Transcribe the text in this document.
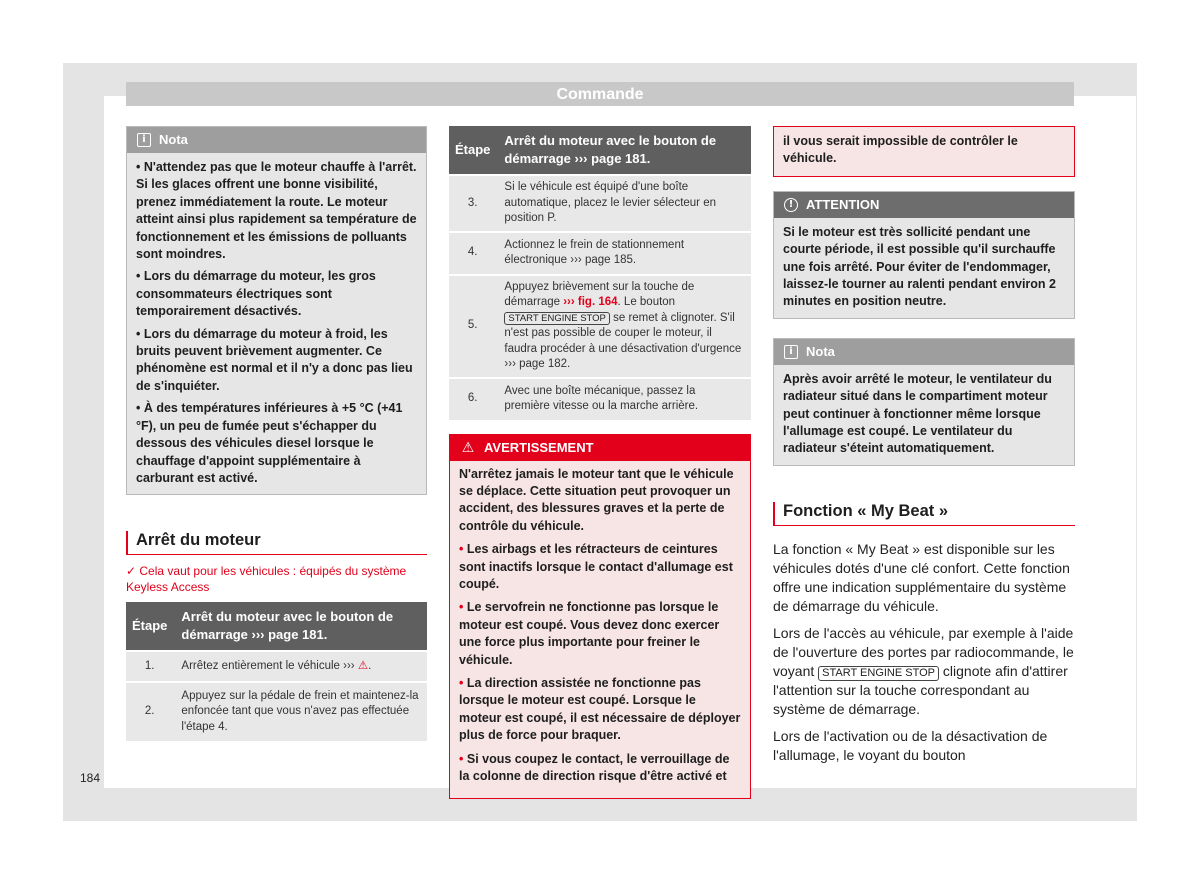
Commande
184
i	Nota

• N'attendez pas que le moteur chauffe à l'arrêt. Si les glaces offrent une bonne visibilité, prenez immédiatement la route. Le moteur atteint ainsi plus rapidement sa température de fonctionnement et les émissions de polluants sont moindres.

• Lors du démarrage du moteur, les gros consommateurs électriques sont temporairement désactivés.

• Lors du démarrage du moteur à froid, les bruits peuvent brièvement augmenter. Ce phénomène est normal et il n'y a donc pas lieu de s'inquiéter.

• À des températures inférieures à +5 °C (+41 °F), un peu de fumée peut s'échapper du dessous des véhicules diesel lorsque le chauffage d'appoint supplémentaire à carburant est activé.

Arrêt du moteur
✓ Cela vaut pour les véhicules : équipés du système Keyless Access
Étape	Arrêt du moteur avec le bouton de démarrage ››› page 181.
1.	Arrêtez entièrement le véhicule ››› ⚠.
2.	Appuyez sur la pédale de frein et maintenez-la enfoncée tant que vous n'avez pas effectuée l'étape 4.
Étape	Arrêt du moteur avec le bouton de démarrage ››› page 181.
3.	Si le véhicule est équipé d'une boîte automatique, placez le levier sélecteur en position P.
4.	Actionnez le frein de stationnement électronique ››› page 185.
5.	Appuyez brièvement sur la touche de démarrage ››› fig. 164. Le bouton START ENGINE STOP se remet à clignoter. S'il n'est pas possible de couper le moteur, il faudra procéder à une désactivation d'urgence ››› page 182.
6.	Avec une boîte mécanique, passez la première vitesse ou la marche arrière.
⚠ AVERTISSEMENT

N'arrêtez jamais le moteur tant que le véhicule se déplace. Cette situation peut provoquer un accident, des blessures graves et la perte de contrôle du véhicule.

• Les airbags et les rétracteurs de ceintures sont inactifs lorsque le contact d'allumage est coupé.

• Le servofrein ne fonctionne pas lorsque le moteur est coupé. Vous devez donc exercer une force plus importante pour freiner le véhicule.

• La direction assistée ne fonctionne pas lorsque le moteur est coupé. Lorsque le moteur est coupé, il est nécessaire de déployer plus de force pour braquer.

• Si vous coupez le contact, le verrouillage de la colonne de direction risque d'être activé et

il vous serait impossible de contrôler le véhicule.
! ATTENTION
Si le moteur est très sollicité pendant une courte période, il est possible qu'il surchauffe une fois arrêté. Pour éviter de l'endommager, laissez-le tourner au ralenti pendant environ 2 minutes en position neutre.
i	Nota
Après avoir arrêté le moteur, le ventilateur du radiateur situé dans le compartiment moteur peut continuer à fonctionner même lorsque l'allumage est coupé. Le ventilateur du radiateur s'éteint automatiquement.
Fonction « My Beat »

La fonction « My Beat » est disponible sur les véhicules dotés d'une clé confort. Cette fonction offre une indication supplémentaire du système de démarrage du véhicule.

Lors de l'accès au véhicule, par exemple à l'aide de l'ouverture des portes par radiocommande, le voyant START ENGINE STOP clignote afin d'attirer l'attention sur la touche correspondant au système de démarrage.

Lors de l'activation ou de la désactivation de l'allumage, le voyant du bouton
